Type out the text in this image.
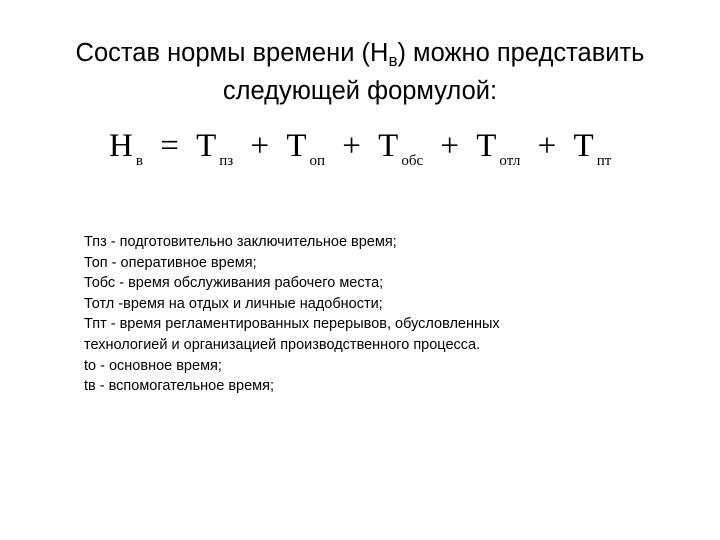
Состав нормы времени $(Н_в)$ можно представить
следующей формулой:
Н $_в$ = Т $_{пз}$ + Т $_{оп}$ + Т $_{обс}$ + Т $_{отл}$ + Т $_{пт}$
Тпз - подготовительно заключительное время;
Топ - оперативное время;
Тобс - время обслуживания рабочего места;
Тотл -время на отдых и личные надобности;
Тпт - время регламентированных перерывов, обусловленных
технологией и организацией производственного процесса.
to - основное время;
tв - вспомогательное время;
